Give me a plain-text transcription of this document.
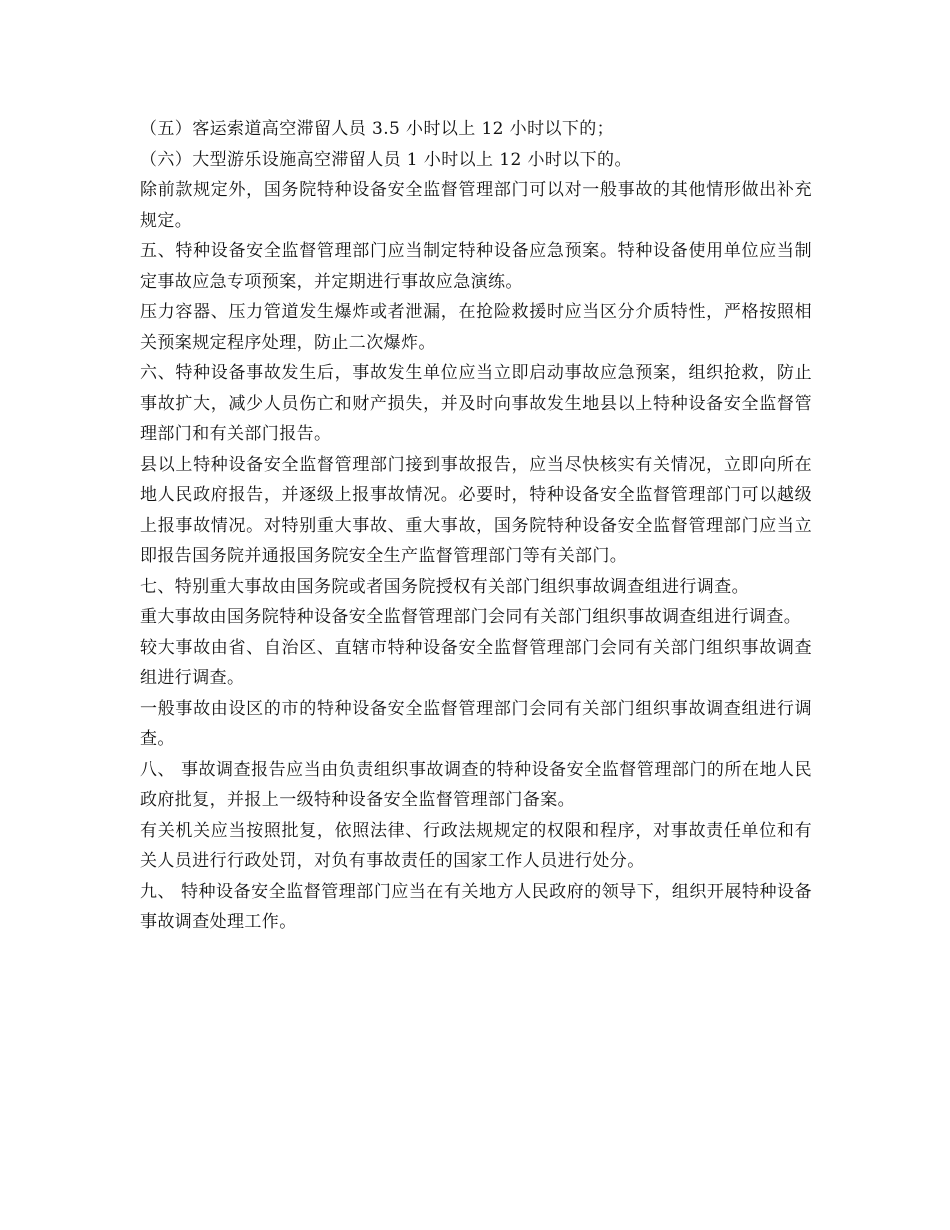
（五）客运索道高空滞留人员 3.5 小时以上 12 小时以下的；

（六）大型游乐设施高空滞留人员 1 小时以上 12 小时以下的。

除前款规定外，国务院特种设备安全监督管理部门可以对一般事故的其他情形做出补充规定。

五、特种设备安全监督管理部门应当制定特种设备应急预案。特种设备使用单位应当制定事故应急专项预案，并定期进行事故应急演练。

压力容器、压力管道发生爆炸或者泄漏，在抢险救援时应当区分介质特性，严格按照相关预案规定程序处理，防止二次爆炸。

六、特种设备事故发生后，事故发生单位应当立即启动事故应急预案，组织抢救，防止事故扩大，减少人员伤亡和财产损失，并及时向事故发生地县以上特种设备安全监督管理部门和有关部门报告。

县以上特种设备安全监督管理部门接到事故报告，应当尽快核实有关情况，立即向所在地人民政府报告，并逐级上报事故情况。必要时，特种设备安全监督管理部门可以越级上报事故情况。对特别重大事故、重大事故，国务院特种设备安全监督管理部门应当立即报告国务院并通报国务院安全生产监督管理部门等有关部门。

七、特别重大事故由国务院或者国务院授权有关部门组织事故调查组进行调查。

重大事故由国务院特种设备安全监督管理部门会同有关部门组织事故调查组进行调查。

较大事故由省、自治区、直辖市特种设备安全监督管理部门会同有关部门组织事故调查组进行调查。

一般事故由设区的市的特种设备安全监督管理部门会同有关部门组织事故调查组进行调查。

八、 事故调查报告应当由负责组织事故调查的特种设备安全监督管理部门的所在地人民政府批复，并报上一级特种设备安全监督管理部门备案。

有关机关应当按照批复，依照法律、行政法规规定的权限和程序，对事故责任单位和有关人员进行行政处罚，对负有事故责任的国家工作人员进行处分。

九、 特种设备安全监督管理部门应当在有关地方人民政府的领导下，组织开展特种设备事故调查处理工作。
